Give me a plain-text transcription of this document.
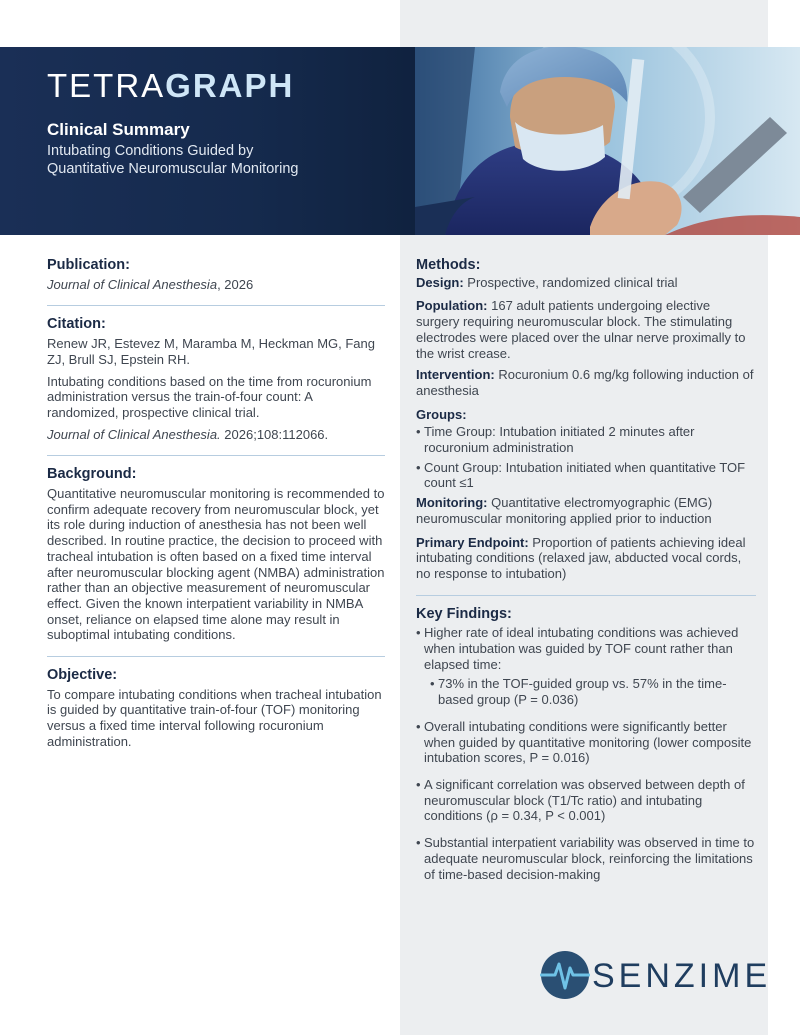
TETRAGRAPH
Clinical Summary
Intubating Conditions Guided by
Quantitative Neuromuscular Monitoring
Publication:
Journal of Clinical Anesthesia, 2026
Citation:
Renew JR, Estevez M, Maramba M, Heckman MG, Fang ZJ, Brull SJ, Epstein RH.
Intubating conditions based on the time from rocuronium administration versus the train-of-four count: A randomized, prospective clinical trial.
Journal of Clinical Anesthesia. 2026;108:112066.
Background:
Quantitative neuromuscular monitoring is recommended to confirm adequate recovery from neuromuscular block, yet its role during induction of anesthesia has not been well described. In routine practice, the decision to proceed with tracheal intubation is often based on a fixed time interval after neuromuscular blocking agent (NMBA) administration rather than an objective measurement of neuromuscular effect. Given the known interpatient variability in NMBA onset, reliance on elapsed time alone may result in suboptimal intubating conditions.
Objective:
To compare intubating conditions when tracheal intubation is guided by quantitative train-of-four (TOF) monitoring versus a fixed time interval following rocuronium administration.
Methods:
Design: Prospective, randomized clinical trial
Population: 167 adult patients undergoing elective surgery requiring neuromuscular block. The stimulating electrodes were placed over the ulnar nerve proximally to the wrist crease.
Intervention: Rocuronium 0.6 mg/kg following induction of anesthesia
Groups:
• Time Group: Intubation initiated 2 minutes after rocuronium administration
• Count Group: Intubation initiated when quantitative TOF count ≤1
Monitoring: Quantitative electromyographic (EMG) neuromuscular monitoring applied prior to induction
Primary Endpoint: Proportion of patients achieving ideal intubating conditions (relaxed jaw, abducted vocal cords, no response to intubation)
Key Findings:
• Higher rate of ideal intubating conditions was achieved when intubation was guided by TOF count rather than elapsed time:
• 73% in the TOF-guided group vs. 57% in the time-based group (P = 0.036)
• Overall intubating conditions were significantly better when guided by quantitative monitoring (lower composite intubation scores, P = 0.016)
• A significant correlation was observed between depth of neuromuscular block (T1/Tc ratio) and intubating conditions (ρ = 0.34, P < 0.001)
• Substantial interpatient variability was observed in time to adequate neuromuscular block, reinforcing the limitations of time-based decision-making
SENZIME
